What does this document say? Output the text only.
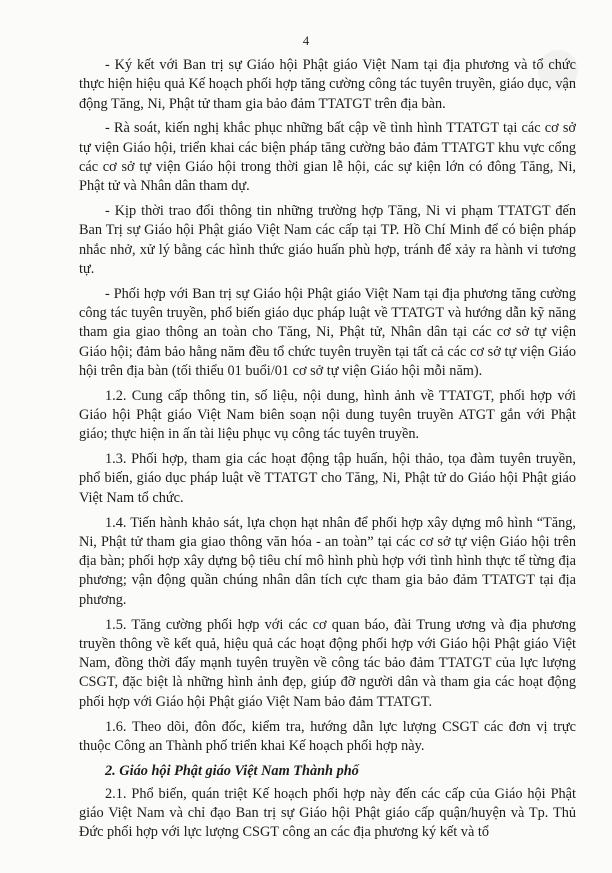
4

- Ký kết với Ban trị sự Giáo hội Phật giáo Việt Nam tại địa phương và tổ chức thực hiện hiệu quả Kế hoạch phối hợp tăng cường công tác tuyên truyền, giáo dục, vận động Tăng, Ni, Phật tử tham gia bảo đảm TTATGT trên địa bàn.

- Rà soát, kiến nghị khắc phục những bất cập về tình hình TTATGT tại các cơ sở tự viện Giáo hội, triển khai các biện pháp tăng cường bảo đảm TTATGT khu vực cổng các cơ sở tự viện Giáo hội trong thời gian lễ hội, các sự kiện lớn có đông Tăng, Ni, Phật tử và Nhân dân tham dự.

- Kịp thời trao đổi thông tin những trường hợp Tăng, Ni vi phạm TTATGT đến Ban Trị sự Giáo hội Phật giáo Việt Nam các cấp tại TP. Hồ Chí Minh để có biện pháp nhắc nhở, xử lý bằng các hình thức giáo huấn phù hợp, tránh để xảy ra hành vi tương tự.

- Phối hợp với Ban trị sự Giáo hội Phật giáo Việt Nam tại địa phương tăng cường công tác tuyên truyền, phổ biến giáo dục pháp luật về TTATGT và hướng dẫn kỹ năng tham gia giao thông an toàn cho Tăng, Ni, Phật tử, Nhân dân tại các cơ sở tự viện Giáo hội; đảm bảo hằng năm đều tổ chức tuyên truyền tại tất cả các cơ sở tự viện Giáo hội trên địa bàn (tối thiểu 01 buổi/01 cơ sở tự viện Giáo hội mỗi năm).

1.2. Cung cấp thông tin, số liệu, nội dung, hình ảnh về TTATGT, phối hợp với Giáo hội Phật giáo Việt Nam biên soạn nội dung tuyên truyền ATGT gắn với Phật giáo; thực hiện in ấn tài liệu phục vụ công tác tuyên truyền.

1.3. Phối hợp, tham gia các hoạt động tập huấn, hội thảo, tọa đàm tuyên truyền, phổ biến, giáo dục pháp luật về TTATGT cho Tăng, Ni, Phật tử do Giáo hội Phật giáo Việt Nam tổ chức.

1.4. Tiến hành khảo sát, lựa chọn hạt nhân để phối hợp xây dựng mô hình “Tăng, Ni, Phật tử tham gia giao thông văn hóa - an toàn” tại các cơ sở tự viện Giáo hội trên địa bàn; phối hợp xây dựng bộ tiêu chí mô hình phù hợp với tình hình thực tế từng địa phương; vận động quần chúng nhân dân tích cực tham gia bảo đảm TTATGT tại địa phương.

1.5. Tăng cường phối hợp với các cơ quan báo, đài Trung ương và địa phương truyền thông về kết quả, hiệu quả các hoạt động phối hợp với Giáo hội Phật giáo Việt Nam, đồng thời đẩy mạnh tuyên truyền về công tác bảo đảm TTATGT của lực lượng CSGT, đặc biệt là những hình ảnh đẹp, giúp đỡ người dân và tham gia các hoạt động phối hợp với Giáo hội Phật giáo Việt Nam bảo đảm TTATGT.

1.6. Theo dõi, đôn đốc, kiểm tra, hướng dẫn lực lượng CSGT các đơn vị trực thuộc Công an Thành phố triển khai Kế hoạch phối hợp này.

2. Giáo hội Phật giáo Việt Nam Thành phố

2.1. Phổ biến, quán triệt Kế hoạch phối hợp này đến các cấp của Giáo hội Phật giáo Việt Nam và chỉ đạo Ban trị sự Giáo hội Phật giáo cấp quận/huyện và Tp. Thủ Đức phối hợp với lực lượng CSGT công an các địa phương ký kết và tổ
